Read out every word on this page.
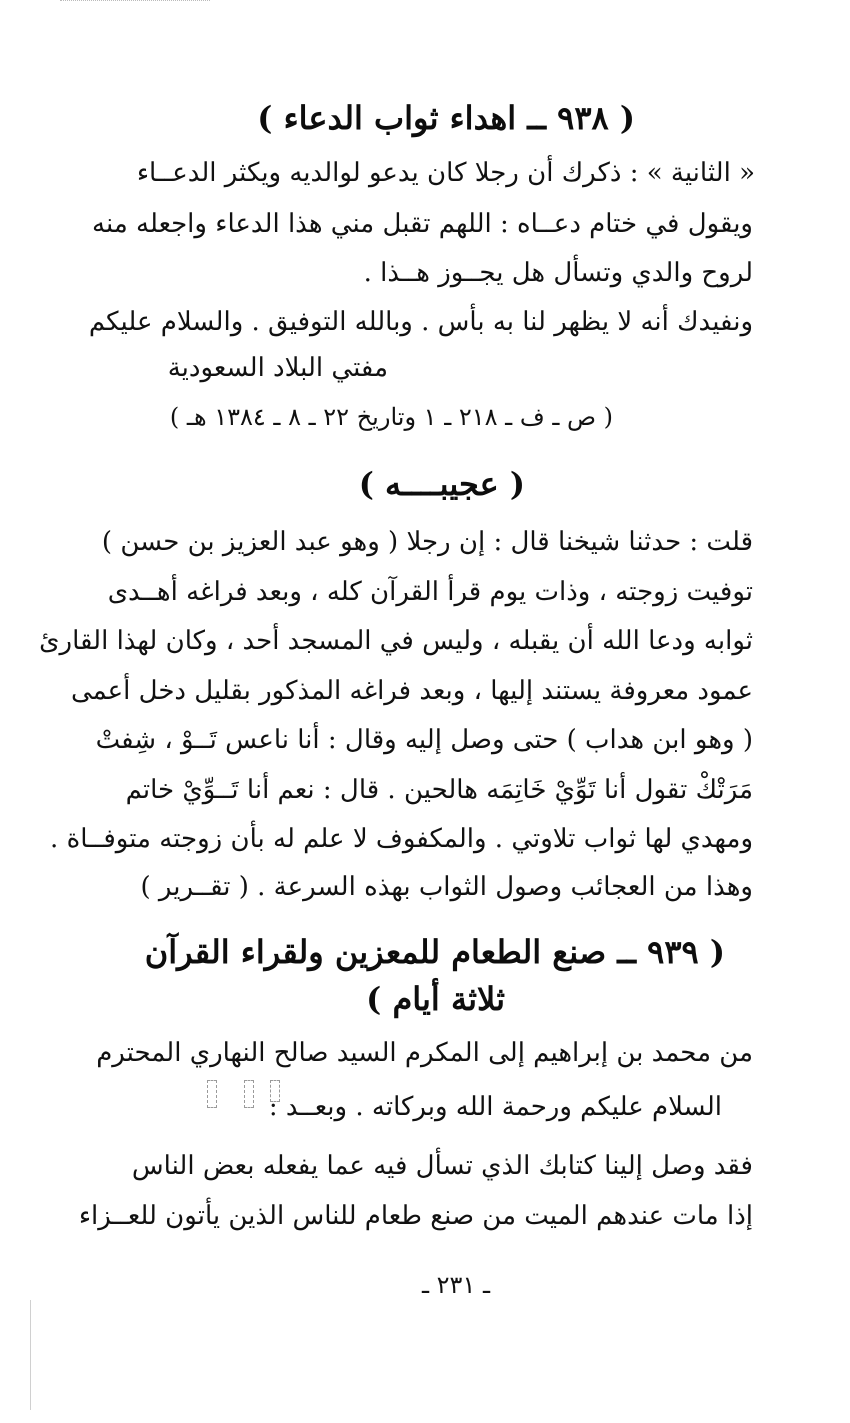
( ٩٣٨ ــ اهداء ثواب الدعاء )
« الثانية » : ذكرك أن رجلا كان يدعو لوالديه ويكثر الدعــاء
ويقول في ختام دعــاه : اللهم تقبل مني هذا الدعاء واجعله منه
لروح والدي وتسأل هل يجــوز هــذا .
ونفيدك أنه لا يظهر لنا به بأس . وبالله التوفيق . والسلام عليكم
مفتي البلاد السعودية
( ص ـ ف ـ ٢١٨ ـ ١ وتاريخ ٢٢ ـ ٨ ـ ١٣٨٤ هـ )
( عجيبــــه )
قلت : حدثنا شيخنا قال : إن رجلا ( وهو عبد العزيز بن حسن )
توفيت زوجته ، وذات يوم قرأ القرآن كله ، وبعد فراغه أهــدى
ثوابه ودعا الله أن يقبله ، وليس في المسجد أحد ، وكان لهذا القارئ
عمود معروفة يستند إليها ، وبعد فراغه المذكور بقليل دخل أعمى
( وهو ابن هداب ) حتى وصل إليه وقال : أنا ناعس تَــوْ ، شِفتْ
مَرَتْكْ تقول أنا تَوِّيْ خَاتِمَه هالحين . قال : نعم أنا تَــوِّيْ خاتم
ومهدي لها ثواب تلاوتي . والمكفوف لا علم له بأن زوجته متوفــاة .
وهذا من العجائب وصول الثواب بهذه السرعة . ( تقــرير )
( ٩٣٩ ــ صنع الطعام للمعزين ولقراء القرآن
ثلاثة أيام )
من محمد بن إبراهيم إلى المكرم السيد صالح النهاري المحترم
السلام عليكم ورحمة الله وبركاته . وبعــد :
فقد وصل إلينا كتابك الذي تسأل فيه عما يفعله بعض الناس
إذا مات عندهم الميت من صنع طعام للناس الذين يأتون للعــزاء
ـ ٢٣١ ـ
